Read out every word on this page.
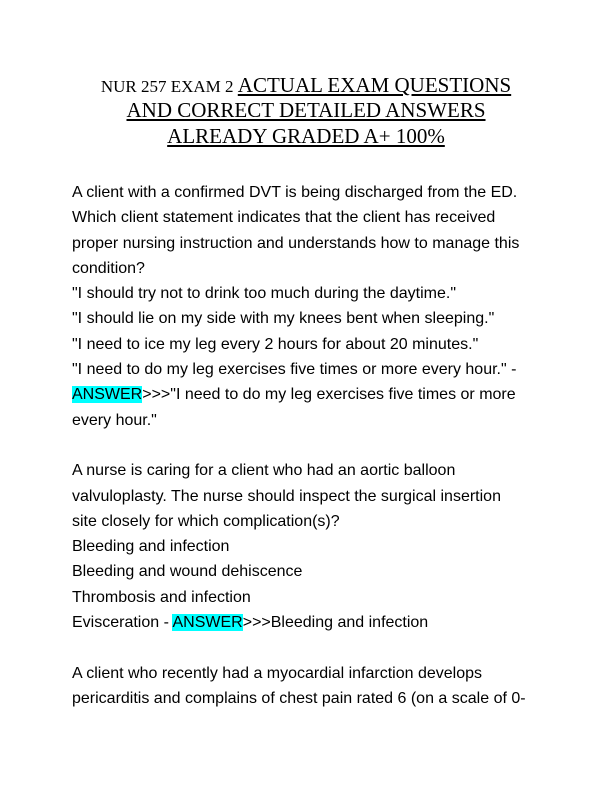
NUR 257 EXAM 2 ACTUAL EXAM QUESTIONS
AND CORRECT DETAILED ANSWERS
ALREADY GRADED A+ 100%
A client with a confirmed DVT is being discharged from the ED.
Which client statement indicates that the client has received
proper nursing instruction and understands how to manage this
condition?
"I should try not to drink too much during the daytime."
"I should lie on my side with my knees bent when sleeping."
"I need to ice my leg every 2 hours for about 20 minutes."
"I need to do my leg exercises five times or more every hour." -
ANSWER>>>"I need to do my leg exercises five times or more
every hour."
A nurse is caring for a client who had an aortic balloon
valvuloplasty. The nurse should inspect the surgical insertion
site closely for which complication(s)?
Bleeding and infection
Bleeding and wound dehiscence
Thrombosis and infection
Evisceration - ANSWER>>>Bleeding and infection
A client who recently had a myocardial infarction develops
pericarditis and complains of chest pain rated 6 (on a scale of 0-
